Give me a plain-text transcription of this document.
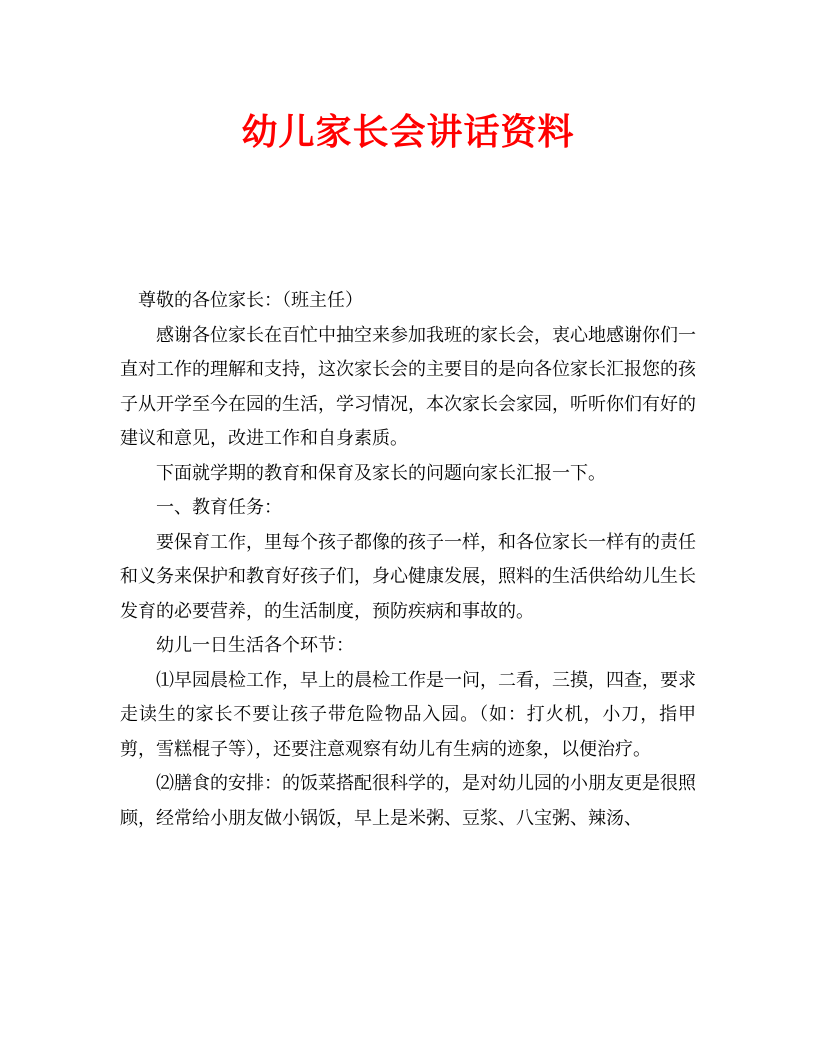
幼儿家长会讲话资料

尊敬的各位家长：（班主任）

感谢各位家长在百忙中抽空来参加我班的家长会，衷心地感谢你们一直对工作的理解和支持，这次家长会的主要目的是向各位家长汇报您的孩子从开学至今在园的生活，学习情况，本次家长会家园，听听你们有好的建议和意见，改进工作和自身素质。

下面就学期的教育和保育及家长的问题向家长汇报一下。

一、教育任务：

要保育工作，里每个孩子都像的孩子一样，和各位家长一样有的责任和义务来保护和教育好孩子们，身心健康发展，照料的生活供给幼儿生长发育的必要营养，的生活制度，预防疾病和事故的。

幼儿一日生活各个环节：

⑴早园晨检工作，早上的晨检工作是一问，二看，三摸，四查，要求走读生的家长不要让孩子带危险物品入园。（如：打火机，小刀，指甲剪，雪糕棍子等），还要注意观察有幼儿有生病的迹象，以便治疗。

⑵膳食的安排：的饭菜搭配很科学的，是对幼儿园的小朋友更是很照顾，经常给小朋友做小锅饭，早上是米粥、豆浆、八宝粥、辣汤、
